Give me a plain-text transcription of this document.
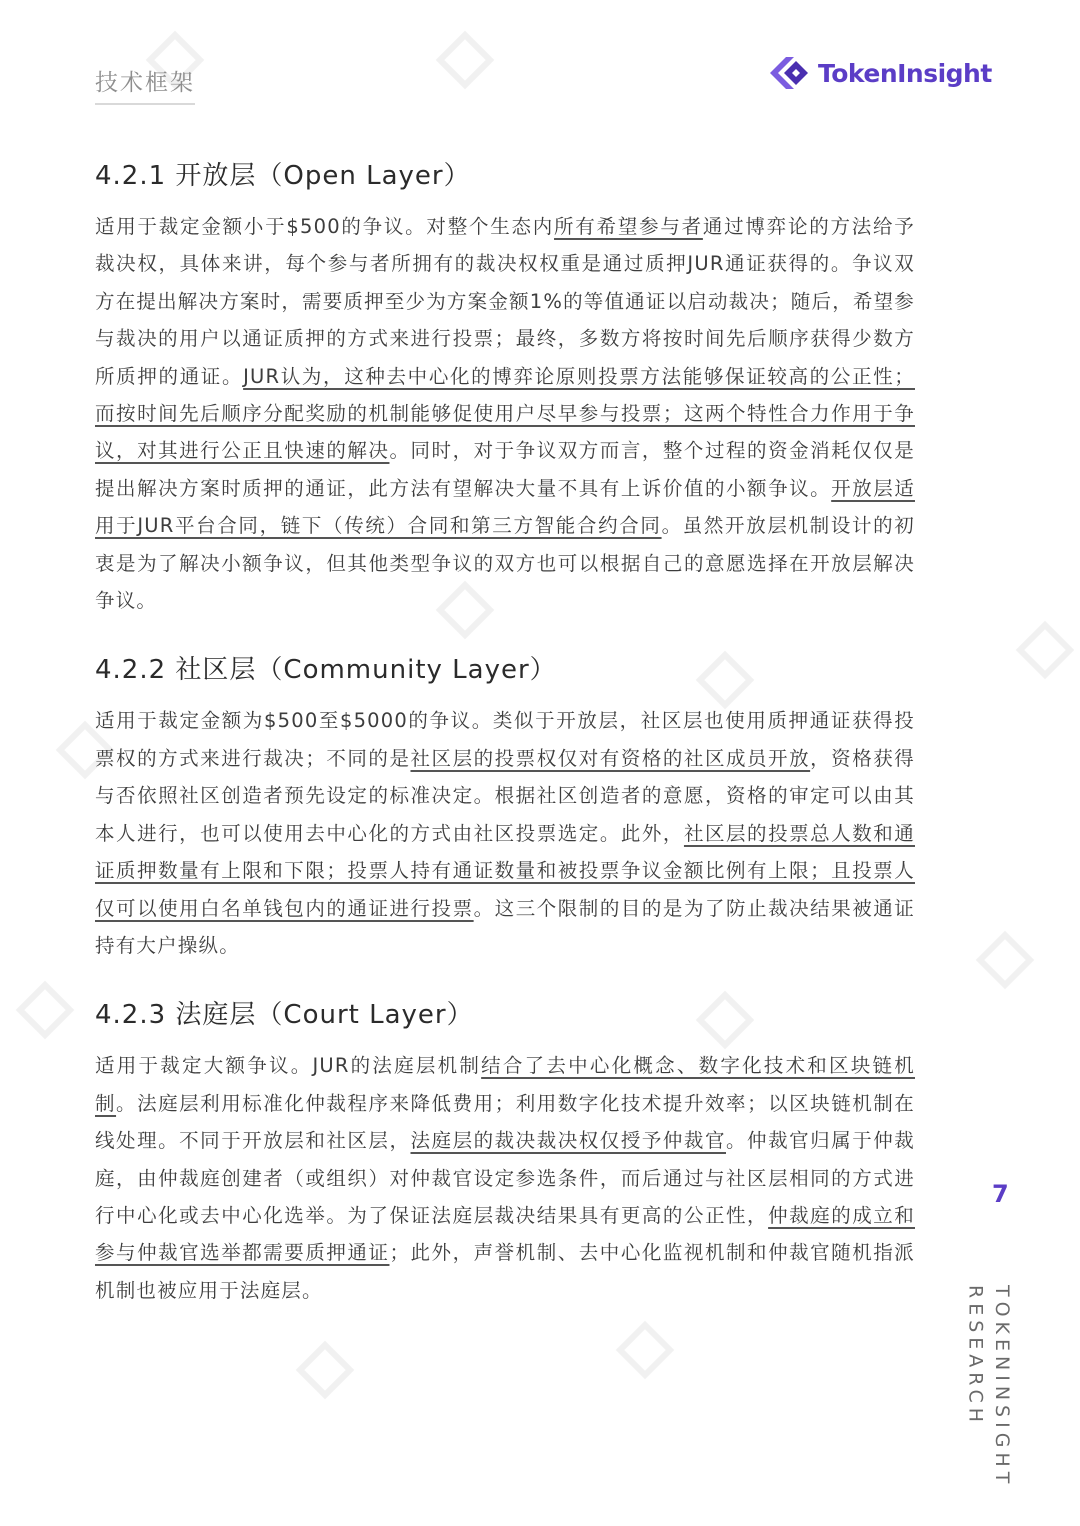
技术框架	TokenInsight
4.2.1 开放层（Open Layer）

适用于裁定金额小于$500的争议。对整个生态内所有希望参与者通过博弈论的方法给予裁决权，具体来讲，每个参与者所拥有的裁决权权重是通过质押JUR通证获得的。争议双方在提出解决方案时，需要质押至少为方案金额1%的等值通证以启动裁决；随后，希望参与裁决的用户以通证质押的方式来进行投票；最终，多数方将按时间先后顺序获得少数方所质押的通证。JUR认为，这种去中心化的博弈论原则投票方法能够保证较高的公正性；而按时间先后顺序分配奖励的机制能够促使用户尽早参与投票；这两个特性合力作用于争议，对其进行公正且快速的解决。同时，对于争议双方而言，整个过程的资金消耗仅仅是提出解决方案时质押的通证，此方法有望解决大量不具有上诉价值的小额争议。开放层适用于JUR平台合同，链下（传统）合同和第三方智能合约合同。虽然开放层机制设计的初衷是为了解决小额争议，但其他类型争议的双方也可以根据自己的意愿选择在开放层解决争议。

4.2.2 社区层（Community Layer）

适用于裁定金额为$500至$5000的争议。类似于开放层，社区层也使用质押通证获得投票权的方式来进行裁决；不同的是社区层的投票权仅对有资格的社区成员开放，资格获得与否依照社区创造者预先设定的标准决定。根据社区创造者的意愿，资格的审定可以由其本人进行，也可以使用去中心化的方式由社区投票选定。此外，社区层的投票总人数和通证质押数量有上限和下限；投票人持有通证数量和被投票争议金额比例有上限；且投票人仅可以使用白名单钱包内的通证进行投票。这三个限制的目的是为了防止裁决结果被通证持有大户操纵。

4.2.3 法庭层（Court Layer）

适用于裁定大额争议。JUR的法庭层机制结合了去中心化概念、数字化技术和区块链机制。法庭层利用标准化仲裁程序来降低费用；利用数字化技术提升效率；以区块链机制在线处理。不同于开放层和社区层，法庭层的裁决裁决权仅授予仲裁官。仲裁官归属于仲裁庭，由仲裁庭创建者（或组织）对仲裁官设定参选条件，而后通过与社区层相同的方式进行中心化或去中心化选举。为了保证法庭层裁决结果具有更高的公正性，仲裁庭的成立和参与仲裁官选举都需要质押通证；此外，声誉机制、去中心化监视机制和仲裁官随机指派机制也被应用于法庭层。

7
TOKENINSIGHT
RESEARCH
